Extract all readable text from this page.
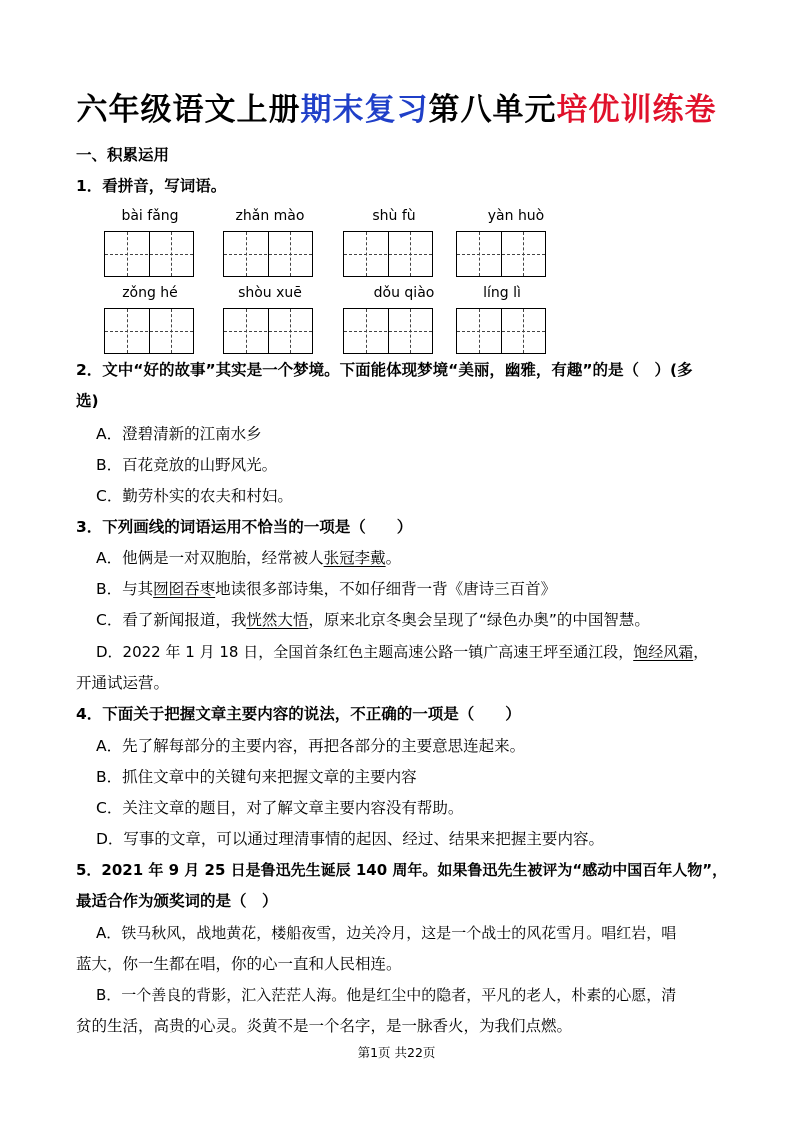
六年级语文上册期末复习第八单元培优训练卷
一、积累运用
1．看拼音，写词语。
bài fǎng	zhǎn mào	shù fù	yàn huò
zǒng hé	shòu xuē	dǒu qiào	líng lì
2．文中“好的故事”其实是一个梦境。下面能体现梦境“美丽，幽雅，有趣”的是（　）(多
选)
A．澄碧清新的江南水乡
B．百花竞放的山野风光。
C．勤劳朴实的农夫和村妇。
3．下列画线的词语运用不恰当的一项是（　　）
A．他俩是一对双胞胎，经常被人张冠李戴。
B．与其囫囵吞枣地读很多部诗集，不如仔细背一背《唐诗三百首》
C．看了新闻报道，我恍然大悟，原来北京冬奥会呈现了“绿色办奥”的中国智慧。
D．2022 年 1 月 18 日，全国首条红色主题高速公路一镇广高速王坪至通江段，饱经风霜，
开通试运营。
4．下面关于把握文章主要内容的说法，不正确的一项是（　　）
A．先了解每部分的主要内容，再把各部分的主要意思连起来。
B．抓住文章中的关键句来把握文章的主要内容
C．关注文章的题目，对了解文章主要内容没有帮助。
D．写事的文章，可以通过理清事情的起因、经过、结果来把握主要内容。
5．2021 年 9 月 25 日是鲁迅先生诞辰 140 周年。如果鲁迅先生被评为“感动中国百年人物”，
最适合作为颁奖词的是（　）
A．铁马秋风，战地黄花，楼船夜雪，边关冷月，这是一个战士的风花雪月。唱红岩，唱
蓝大，你一生都在唱，你的心一直和人民相连。
B．一个善良的背影，汇入茫茫人海。他是红尘中的隐者，平凡的老人，朴素的心愿，清
贫的生活，高贵的心灵。炎黄不是一个名字，是一脉香火，为我们点燃。
第1页 共22页
